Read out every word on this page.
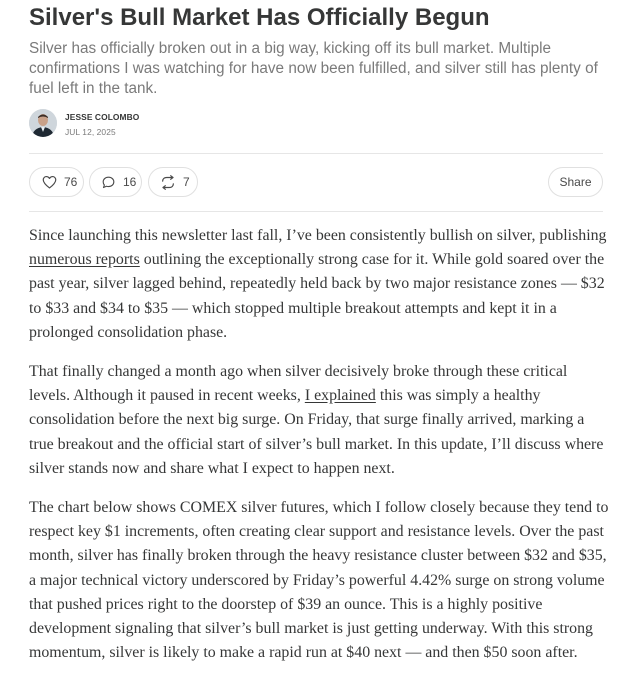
Silver's Bull Market Has Officially Begun

Silver has officially broken out in a big way, kicking off its bull market. Multiple confirmations I was watching for have now been fulfilled, and silver still has plenty of fuel left in the tank.

JESSE COLOMBO
JUL 12, 2025
76	16	7	Share

Since launching this newsletter last fall, I’ve been consistently bullish on silver, publishing numerous reports outlining the exceptionally strong case for it. While gold soared over the past year, silver lagged behind, repeatedly held back by two major resistance zones — $32 to $33 and $34 to $35 — which stopped multiple breakout attempts and kept it in a prolonged consolidation phase.

That finally changed a month ago when silver decisively broke through these critical levels. Although it paused in recent weeks, I explained this was simply a healthy consolidation before the next big surge. On Friday, that surge finally arrived, marking a true breakout and the official start of silver’s bull market. In this update, I’ll discuss where silver stands now and share what I expect to happen next.

The chart below shows COMEX silver futures, which I follow closely because they tend to respect key $1 increments, often creating clear support and resistance levels. Over the past month, silver has finally broken through the heavy resistance cluster between $32 and $35, a major technical victory underscored by Friday’s powerful 4.42% surge on strong volume that pushed prices right to the doorstep of $39 an ounce. This is a highly positive development signaling that silver’s bull market is just getting underway. With this strong momentum, silver is likely to make a rapid run at $40 next — and then $50 soon after.
